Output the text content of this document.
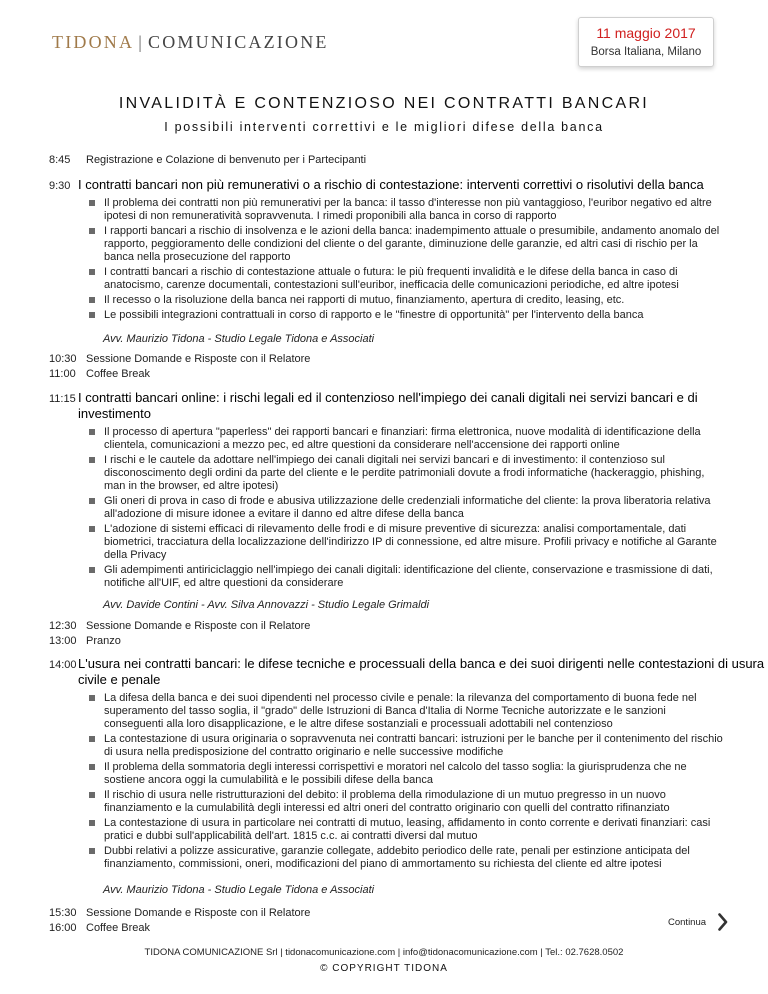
TIDONA | COMUNICAZIONE	11 maggio 2017
Borsa Italiana, Milano
INVALIDITÀ E CONTENZIOSO NEI CONTRATTI BANCARI
I possibili interventi correttivi e le migliori difese della banca
8:45 Registrazione e Colazione di benvenuto per i Partecipanti
9:30 I contratti bancari non più remunerativi o a rischio di contestazione: interventi correttivi o risolutivi della banca
Il problema dei contratti non più remunerativi per la banca: il tasso d'interesse non più vantaggioso, l'euribor negativo ed altre ipotesi di non remuneratività sopravvenuta. I rimedi proponibili alla banca in corso di rapporto
I rapporti bancari a rischio di insolvenza e le azioni della banca: inadempimento attuale o presumibile, andamento anomalo del rapporto, peggioramento delle condizioni del cliente o del garante, diminuzione delle garanzie, ed altri casi di rischio per la banca nella prosecuzione del rapporto
I contratti bancari a rischio di contestazione attuale o futura: le più frequenti invalidità e le difese della banca in caso di anatocismo, carenze documentali, contestazioni sull'euribor, inefficacia delle comunicazioni periodiche, ed altre ipotesi
Il recesso o la risoluzione della banca nei rapporti di mutuo, finanziamento, apertura di credito, leasing, etc.
Le possibili integrazioni contrattuali in corso di rapporto e le "finestre di opportunità" per l'intervento della banca
Avv. Maurizio Tidona - Studio Legale Tidona e Associati
10:30 Sessione Domande e Risposte con il Relatore
11:00 Coffee Break
11:15 I contratti bancari online: i rischi legali ed il contenzioso nell'impiego dei canali digitali nei servizi bancari e di investimento
Il processo di apertura "paperless" dei rapporti bancari e finanziari: firma elettronica, nuove modalità di identificazione della clientela, comunicazioni a mezzo pec, ed altre questioni da considerare nell'accensione dei rapporti online
I rischi e le cautele da adottare nell'impiego dei canali digitali nei servizi bancari e di investimento: il contenzioso sul disconoscimento degli ordini da parte del cliente e le perdite patrimoniali dovute a frodi informatiche (hackeraggio, phishing, man in the browser, ed altre ipotesi)
Gli oneri di prova in caso di frode e abusiva utilizzazione delle credenziali informatiche del cliente: la prova liberatoria relativa all'adozione di misure idonee a evitare il danno ed altre difese della banca
L'adozione di sistemi efficaci di rilevamento delle frodi e di misure preventive di sicurezza: analisi comportamentale, dati biometrici, tracciatura della localizzazione dell'indirizzo IP di connessione, ed altre misure. Profili privacy e notifiche al Garante della Privacy
Gli adempimenti antiriciclaggio nell'impiego dei canali digitali: identificazione del cliente, conservazione e trasmissione di dati, notifiche all'UIF, ed altre questioni da considerare
Avv. Davide Contini - Avv. Silva Annovazzi - Studio Legale Grimaldi
12:30 Sessione Domande e Risposte con il Relatore
13:00 Pranzo
14:00 L'usura nei contratti bancari: le difese tecniche e processuali della banca e dei suoi dirigenti nelle contestazioni di usura civile e penale
La difesa della banca e dei suoi dipendenti nel processo civile e penale: la rilevanza del comportamento di buona fede nel superamento del tasso soglia, il "grado" delle Istruzioni di Banca d'Italia di Norme Tecniche autorizzate e le sanzioni conseguenti alla loro disapplicazione, e le altre difese sostanziali e processuali adottabili nel contenzioso
La contestazione di usura originaria o sopravvenuta nei contratti bancari: istruzioni per le banche per il contenimento del rischio di usura nella predisposizione del contratto originario e nelle successive modifiche
Il problema della sommatoria degli interessi corrispettivi e moratori nel calcolo del tasso soglia: la giurisprudenza che ne sostiene ancora oggi la cumulabilità e le possibili difese della banca
Il rischio di usura nelle ristrutturazioni del debito: il problema della rimodulazione di un mutuo pregresso in un nuovo finanziamento e la cumulabilità degli interessi ed altri oneri del contratto originario con quelli del contratto rifinanziato
La contestazione di usura in particolare nei contratti di mutuo, leasing, affidamento in conto corrente e derivati finanziari: casi pratici e dubbi sull'applicabilità dell'art. 1815 c.c. ai contratti diversi dal mutuo
Dubbi relativi a polizze assicurative, garanzie collegate, addebito periodico delle rate, penali per estinzione anticipata del finanziamento, commissioni, oneri, modificazioni del piano di ammortamento su richiesta del cliente ed altre ipotesi
Avv. Maurizio Tidona - Studio Legale Tidona e Associati
15:30 Sessione Domande e Risposte con il Relatore
16:00 Coffee Break	Continua
TIDONA COMUNICAZIONE Srl | tidonacomunicazione.com | info@tidonacomunicazione.com | Tel.: 02.7628.0502
© COPYRIGHT TIDONA
